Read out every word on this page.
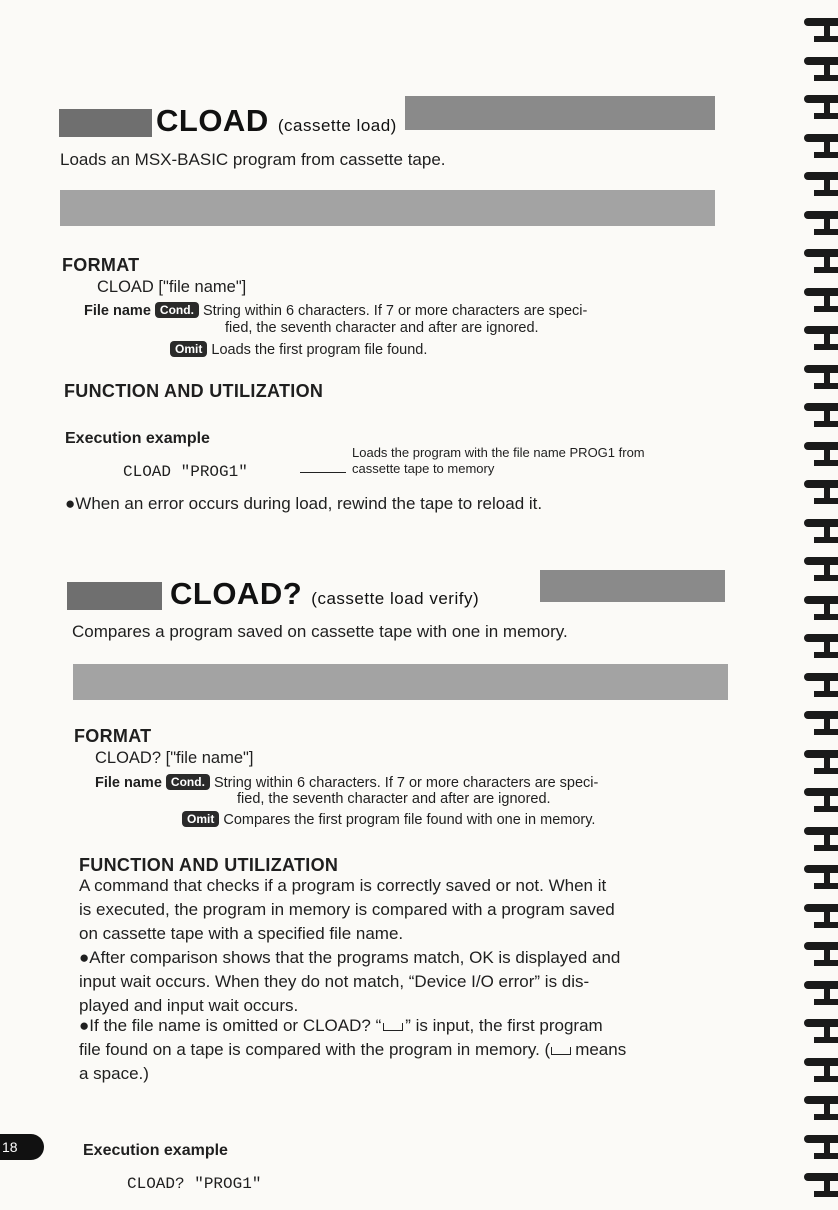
CLOAD (cassette load)
Loads an MSX-BASIC program from cassette tape.
FORMAT
CLOAD ["file name"]
File name Cond. String within 6 characters. If 7 or more characters are speci-
fied, the seventh character and after are ignored.
Omit Loads the first program file found.
FUNCTION AND UTILIZATION
Execution example
CLOAD "PROG1"
Loads the program with the file name PROG1 from
cassette tape to memory
●When an error occurs during load, rewind the tape to reload it.
CLOAD? (cassette load verify)
Compares a program saved on cassette tape with one in memory.
FORMAT
CLOAD? ["file name"]
File name Cond. String within 6 characters. If 7 or more characters are speci-
fied, the seventh character and after are ignored.
Omit Compares the first program file found with one in memory.
FUNCTION AND UTILIZATION
A command that checks if a program is correctly saved or not. When it
is executed, the program in memory is compared with a program saved
on cassette tape with a specified file name.
●After comparison shows that the programs match, OK is displayed and
input wait occurs. When they do not match, “Device I/O error” is dis-
played and input wait occurs.
●If the file name is omitted or CLOAD? “ ” is input, the first program
file found on a tape is compared with the program in memory. ( means
a space.)
Execution example
CLOAD? "PROG1"
18
